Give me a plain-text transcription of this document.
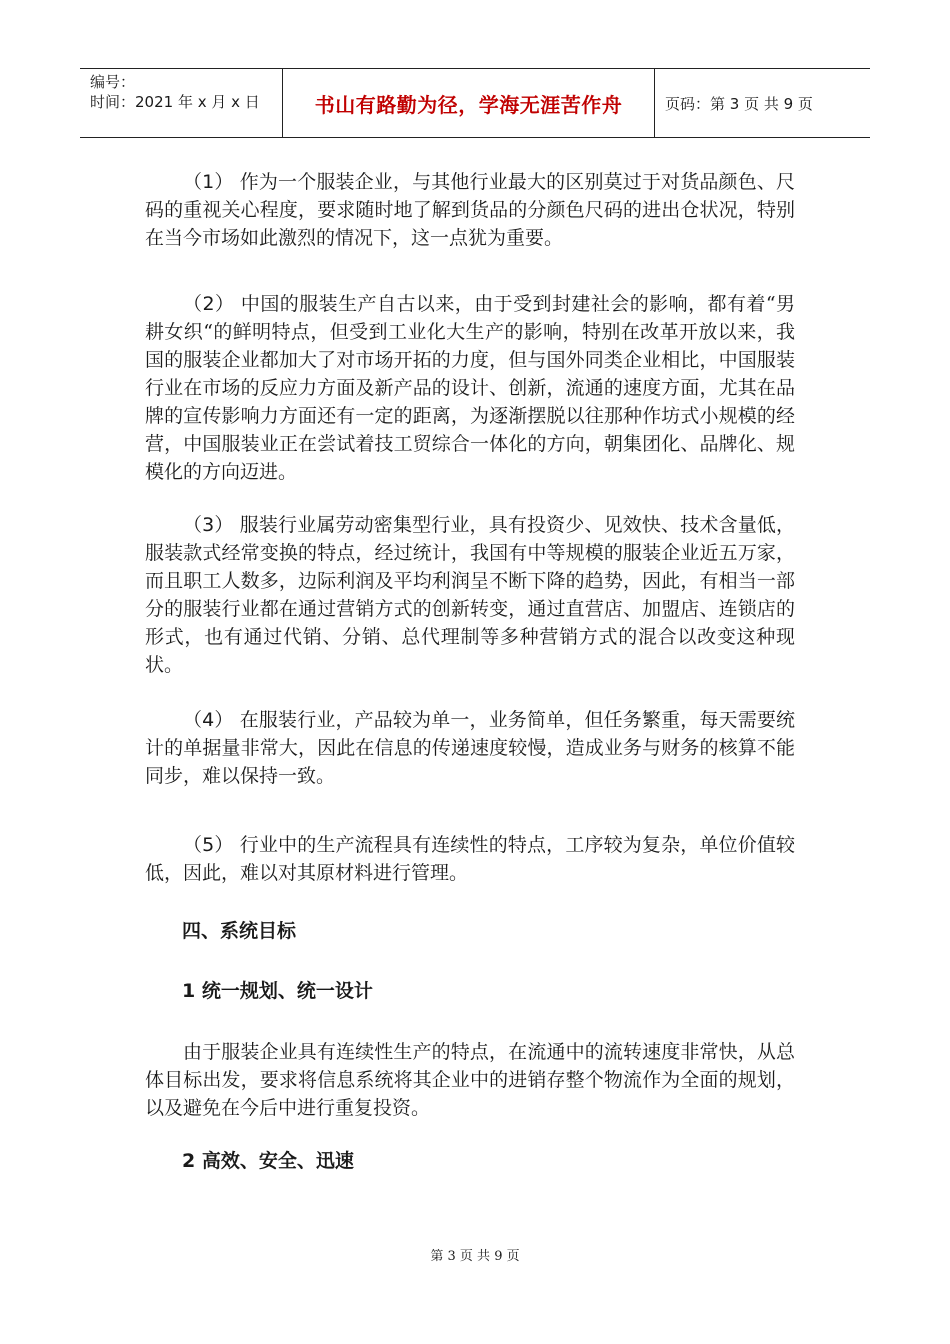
编号：
时间：2021 年 x 月 x 日	书山有路勤为径，学海无涯苦作舟	页码：第 3 页 共 9 页

（1） 作为一个服装企业，与其他行业最大的区别莫过于对货品颜色、尺码的重视关心程度，要求随时地了解到货品的分颜色尺码的进出仓状况，特别在当今市场如此激烈的情况下，这一点犹为重要。

（2） 中国的服装生产自古以来，由于受到封建社会的影响，都有着“男耕女织“的鲜明特点，但受到工业化大生产的影响，特别在改革开放以来，我国的服装企业都加大了对市场开拓的力度，但与国外同类企业相比，中国服装行业在市场的反应力方面及新产品的设计、创新，流通的速度方面，尤其在品牌的宣传影响力方面还有一定的距离，为逐渐摆脱以往那种作坊式小规模的经营，中国服装业正在尝试着技工贸综合一体化的方向，朝集团化、品牌化、规模化的方向迈进。

（3） 服装行业属劳动密集型行业，具有投资少、见效快、技术含量低，服装款式经常变换的特点，经过统计，我国有中等规模的服装企业近五万家，而且职工人数多，边际利润及平均利润呈不断下降的趋势，因此，有相当一部分的服装行业都在通过营销方式的创新转变，通过直营店、加盟店、连锁店的形式，也有通过代销、分销、总代理制等多种营销方式的混合以改变这种现状。

（4） 在服装行业，产品较为单一，业务简单，但任务繁重，每天需要统计的单据量非常大，因此在信息的传递速度较慢，造成业务与财务的核算不能同步，难以保持一致。

（5） 行业中的生产流程具有连续性的特点，工序较为复杂，单位价值较低，因此，难以对其原材料进行管理。

四、系统目标
1 统一规划、统一设计

由于服装企业具有连续性生产的特点，在流通中的流转速度非常快，从总体目标出发，要求将信息系统将其企业中的进销存整个物流作为全面的规划，以及避免在今后中进行重复投资。

2 高效、安全、迅速
第 3 页 共 9 页
